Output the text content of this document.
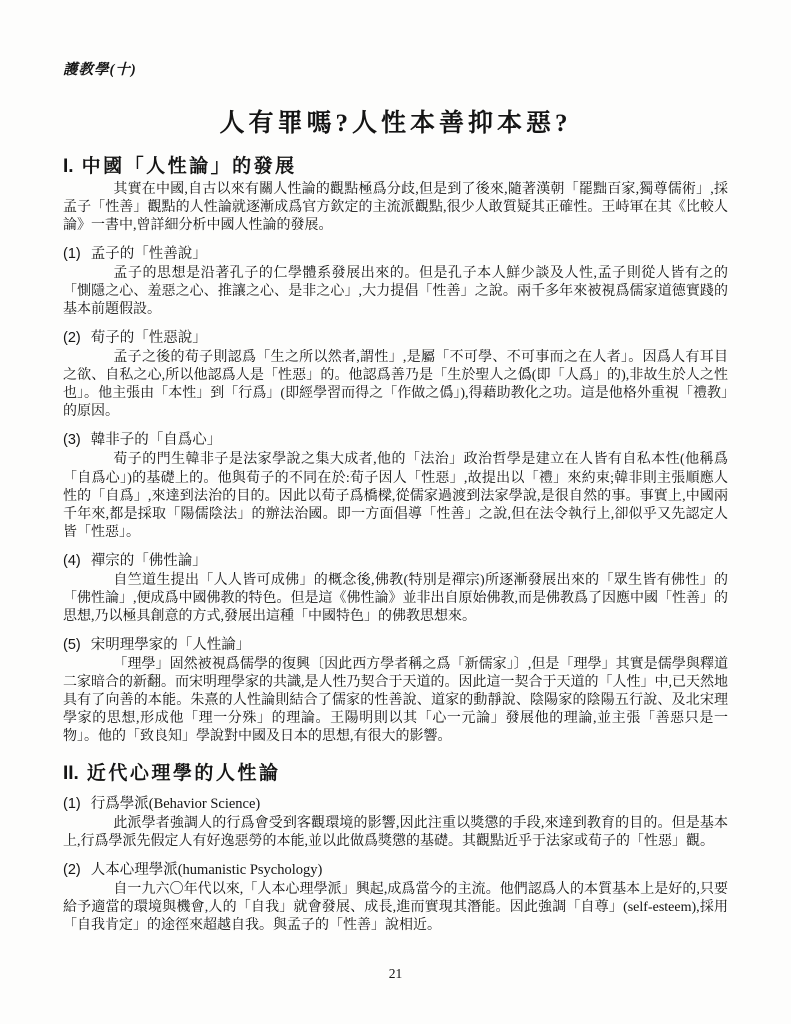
護教學(十)
人有罪嗎?人性本善抑本惡?
I. 中國「人性論」的發展

其實在中國,自古以來有關人性論的觀點極爲分歧,但是到了後來,隨著漢朝「罷黜百家,獨尊儒術」,採孟子「性善」觀點的人性論就逐漸成爲官方欽定的主流派觀點,很少人敢質疑其正確性。王峙軍在其《比較人論》一書中,曾詳細分析中國人性論的發展。

(1) 孟子的「性善說」

孟子的思想是沿著孔子的仁學體系發展出來的。但是孔子本人鮮少談及人性,孟子則從人皆有之的「惻隱之心、羞惡之心、推讓之心、是非之心」,大力提倡「性善」之說。兩千多年來被視爲儒家道德實踐的基本前題假設。

(2) 荀子的「性惡說」

孟子之後的荀子則認爲「生之所以然者,謂性」,是屬「不可學、不可事而之在人者」。因爲人有耳目之欲、自私之心,所以他認爲人是「性惡」的。他認爲善乃是「生於聖人之僞(即「人爲」的),非故生於人之性也」。他主張由「本性」到「行爲」(即經學習而得之「作做之僞」),得藉助教化之功。這是他格外重視「禮教」的原因。

(3) 韓非子的「自爲心」

荀子的門生韓非子是法家學說之集大成者,他的「法治」政治哲學是建立在人皆有自私本性(他稱爲「自爲心」)的基礎上的。他與荀子的不同在於:荀子因人「性惡」,故提出以「禮」來約束;韓非則主張順應人性的「自爲」,來達到法治的目的。因此以荀子爲橋樑,從儒家過渡到法家學說,是很自然的事。事實上,中國兩千年來,都是採取「陽儒陰法」的辦法治國。即一方面倡導「性善」之說,但在法令執行上,卻似乎又先認定人皆「性惡」。

(4) 禪宗的「佛性論」

自竺道生提出「人人皆可成佛」的概念後,佛教(特別是禪宗)所逐漸發展出來的「眾生皆有佛性」的「佛性論」,便成爲中國佛教的特色。但是這《佛性論》並非出自原始佛教,而是佛教爲了因應中國「性善」的思想,乃以極具創意的方式,發展出這種「中國特色」的佛教思想來。

(5) 宋明理學家的「人性論」

「理學」固然被視爲儒學的復興〔因此西方學者稱之爲「新儒家」〕,但是「理學」其實是儒學與釋道二家暗合的新翻。而宋明理學家的共識,是人性乃契合于天道的。因此這一契合于天道的「人性」中,已天然地具有了向善的本能。朱熹的人性論則結合了儒家的性善說、道家的動靜說、陰陽家的陰陽五行說、及北宋理學家的思想,形成他「理一分殊」的理論。王陽明則以其「心一元論」發展他的理論,並主張「善惡只是一物」。他的「致良知」學說對中國及日本的思想,有很大的影響。

II. 近代心理學的人性論
(1) 行爲學派(Behavior Science)

此派學者強調人的行爲會受到客觀環境的影響,因此注重以獎懲的手段,來達到教育的目的。但是基本上,行爲學派先假定人有好逸惡勞的本能,並以此做爲獎懲的基礎。其觀點近乎于法家或荀子的「性惡」觀。

(2) 人本心理學派(humanistic Psychology)

自一九六〇年代以來,「人本心理學派」興起,成爲當今的主流。他們認爲人的本質基本上是好的,只要給予適當的環境與機會,人的「自我」就會發展、成長,進而實現其潛能。因此強調「自尊」(self-esteem),採用「自我肯定」的途徑來超越自我。與孟子的「性善」說相近。

21
